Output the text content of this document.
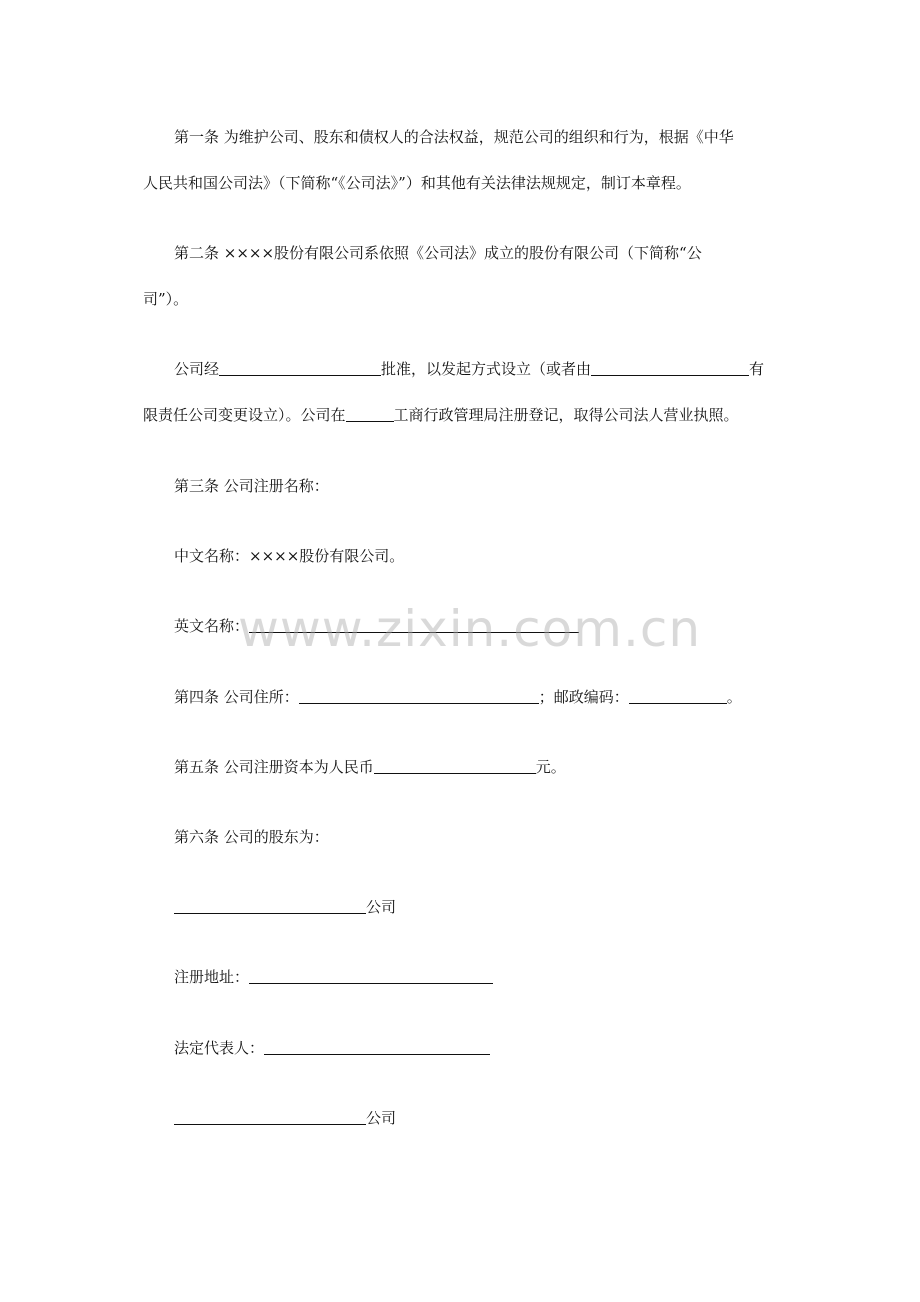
第一条 为维护公司、股东和债权人的合法权益，规范公司的组织和行为，根据《中华
人民共和国公司法》（下简称“《公司法》”）和其他有关法律法规规定，制订本章程。
第二条 ××××股份有限公司系依照《公司法》成立的股份有限公司（下简称“公
司”）。
公司经	批准，以发起方式设立（或者由	有
限责任公司变更设立）。公司在	工商行政管理局注册登记，取得公司法人营业执照。
第三条 公司注册名称：
中文名称：××××股份有限公司。
英文名称：
第四条 公司住所：	；邮政编码：	。
第五条 公司注册资本为人民币	元。
第六条 公司的股东为：
公司
注册地址：
法定代表人：
公司
www.zixin.com.cn
